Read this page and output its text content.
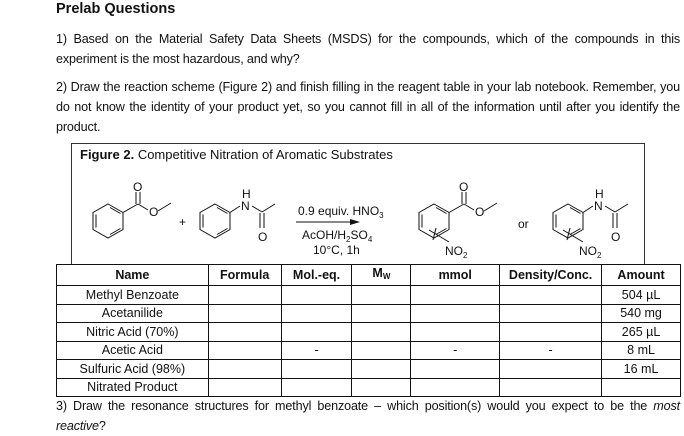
Prelab Questions
1) Based on the Material Safety Data Sheets (MSDS) for the compounds, which of the compounds in this experiment is the most hazardous, and why?
2) Draw the reaction scheme (Figure 2) and finish filling in the reagent table in your lab notebook. Remember, you do not know the identity of your product yet, so you cannot fill in all of the information until after you identify the product.
Figure 2. Competitive Nitration of Aromatic Substrates
O
O
+
H
N
O
0.9 equiv. $HNO_3$
AcOH/$H_2SO_4$
10°C, 1h
O
O
$NO_2$
or
H
N
O
$NO_2$
Name	Formula	Mol.-eq.	$M_W$	mmol	Density/Conc.	Amount
Methyl Benzoate						504 µL
Acetanilide						540 mg
Nitric Acid (70%)						265 µL
Acetic Acid		-		-	-	8 mL
Sulfuric Acid (98%)						16 mL
Nitrated Product						
3) Draw the resonance structures for methyl benzoate – which position(s) would you expect to be the most reactive?
